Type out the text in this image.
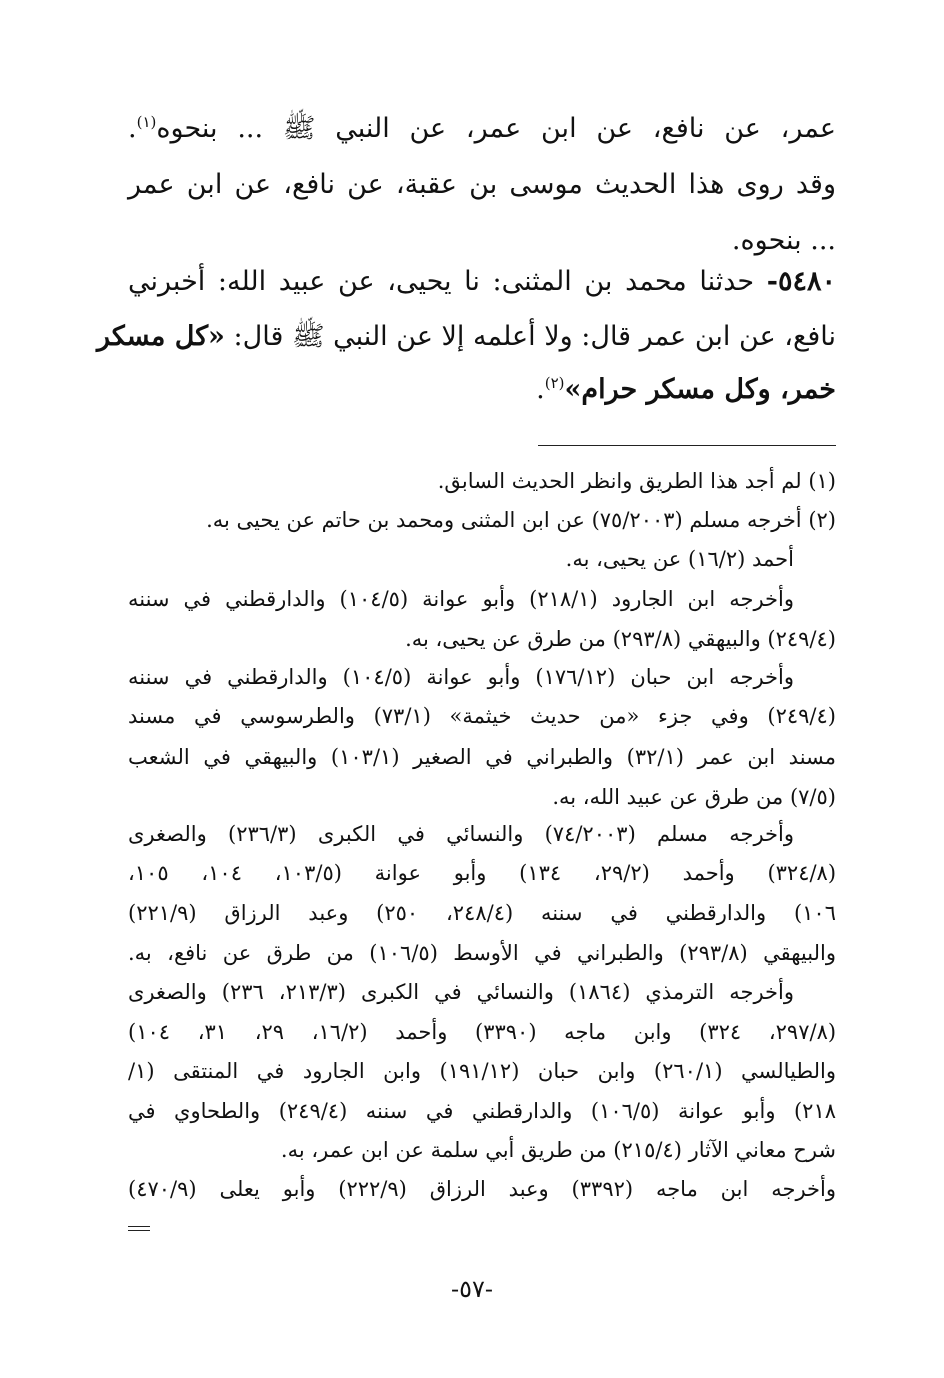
عمر، عن نافع، عن ابن عمر، عن النبي ﷺ ... بنحوه$^{(١)}$.
وقد روى هذا الحديث موسى بن عقبة، عن نافع، عن ابن عمر
... بنحوه.
٥٤٨٠- حدثنا محمد بن المثنى: نا يحيى، عن عبيد الله: أخبرني
نافع، عن ابن عمر قال: ولا أعلمه إلا عن النبي ﷺ قال: «كل مسكر
خمر، وكل مسكر حرام»$^{(٢)}$.
(١) لم أجد هذا الطريق وانظر الحديث السابق.
(٢) أخرجه مسلم (٧٥/٢٠٠٣) عن ابن المثنى ومحمد بن حاتم عن يحيى به.
أحمد (١٦/٢) عن يحيى، به.
وأخرجه ابن الجارود (٢١٨/١) وأبو عوانة (١٠٤/٥) والدارقطني في سننه
(٢٤٩/٤) والبيهقي (٢٩٣/٨) من طرق عن يحيى، به.
وأخرجه ابن حبان (١٧٦/١٢) وأبو عوانة (١٠٤/٥) والدارقطني في سننه
(٢٤٩/٤) وفي جزء «من حديث خيثمة» (٧٣/١) والطرسوسي في مسند
مسند ابن عمر (٣٢/١) والطبراني في الصغير (١٠٣/١) والبيهقي في الشعب
(٧/٥) من طرق عن عبيد الله، به.
وأخرجه مسلم (٧٤/٢٠٠٣) والنسائي في الكبرى (٢٣٦/٣) والصغرى
(٣٢٤/٨) وأحمد (٢٩/٢، ١٣٤) وأبو عوانة (١٠٣/٥، ١٠٤، ١٠٥،
١٠٦) والدارقطني في سننه (٢٤٨/٤، ٢٥٠) وعبد الرزاق (٢٢١/٩)
والبيهقي (٢٩٣/٨) والطبراني في الأوسط (١٠٦/٥) من طرق عن نافع، به.
وأخرجه الترمذي (١٨٦٤) والنسائي في الكبرى (٢١٣/٣، ٢٣٦) والصغرى
(٢٩٧/٨، ٣٢٤) وابن ماجه (٣٣٩٠) وأحمد (١٦/٢، ٢٩، ٣١، ١٠٤)
والطيالسي (٢٦٠/١) وابن حبان (١٩١/١٢) وابن الجارود في المنتقى (١/
٢١٨) وأبو عوانة (١٠٦/٥) والدارقطني في سننه (٢٤٩/٤) والطحاوي في
شرح معاني الآثار (٢١٥/٤) من طريق أبي سلمة عن ابن عمر، به.
وأخرجه ابن ماجه (٣٣٩٢) وعبد الرزاق (٢٢٢/٩) وأبو يعلى (٤٧٠/٩)
-٥٧-
